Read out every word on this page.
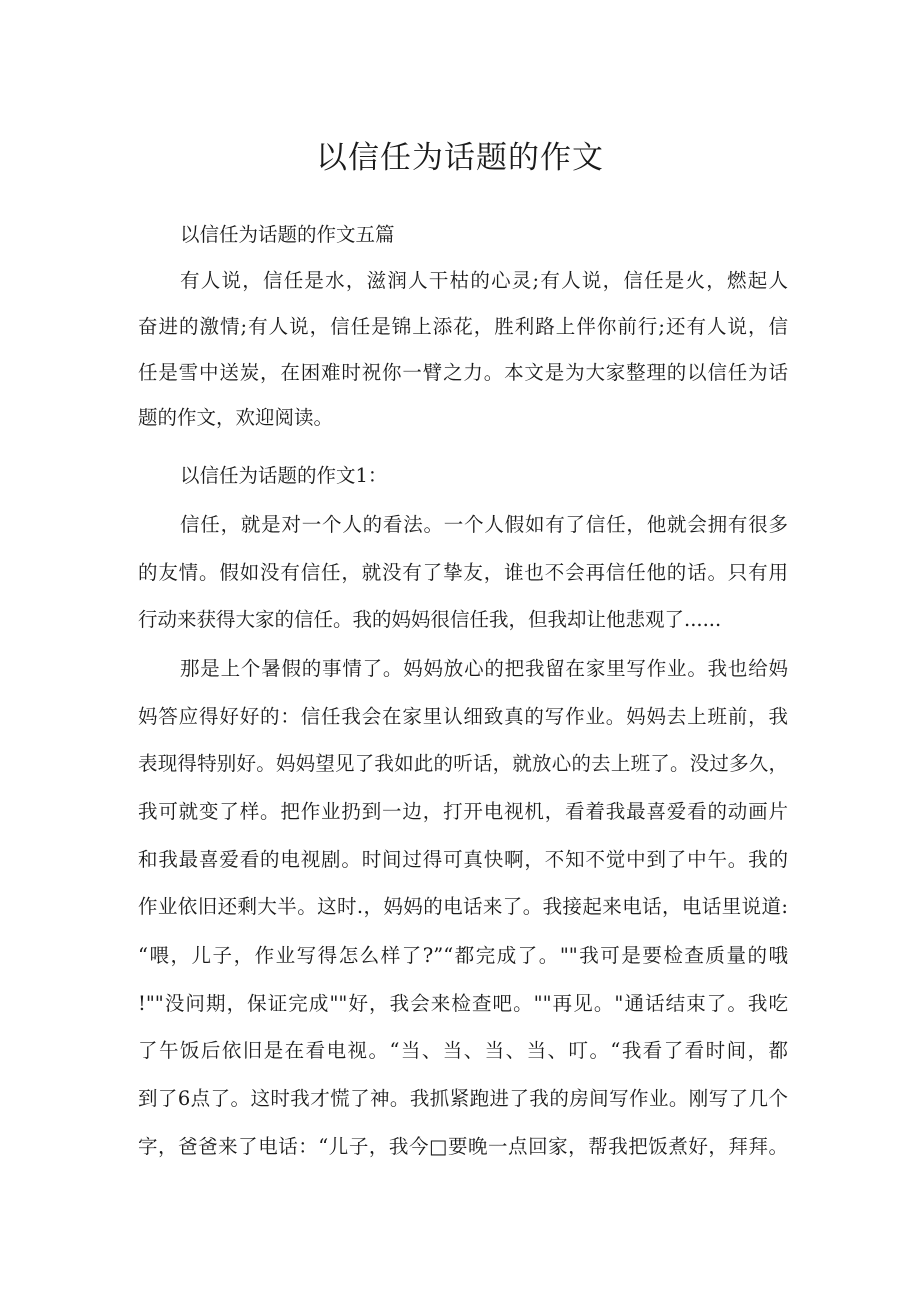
以信任为话题的作文

以信任为话题的作文五篇

有人说，信任是水，滋润人干枯的心灵;有人说，信任是火，燃起人

奋进的激情;有人说，信任是锦上添花，胜利路上伴你前行;还有人说，信

任是雪中送炭，在困难时祝你一臂之力。本文是为大家整理的以信任为话

题的作文，欢迎阅读。

以信任为话题的作文1：

信任，就是对一个人的看法。一个人假如有了信任，他就会拥有很多

的友情。假如没有信任，就没有了挚友，谁也不会再信任他的话。只有用

行动来获得大家的信任。我的妈妈很信任我，但我却让他悲观了......

那是上个暑假的事情了。妈妈放心的把我留在家里写作业。我也给妈

妈答应得好好的：信任我会在家里认细致真的写作业。妈妈去上班前，我

表现得特别好。妈妈望见了我如此的听话，就放心的去上班了。没过多久，

我可就变了样。把作业扔到一边，打开电视机，看着我最喜爱看的动画片

和我最喜爱看的电视剧。时间过得可真快啊，不知不觉中到了中午。我的

作业依旧还剩大半。这时.，妈妈的电话来了。我接起来电话，电话里说道:

“喂，儿子，作业写得怎么样了?”“都完成了。""我可是要检查质量的哦

!""没问期，保证完成""好，我会来检查吧。""再见。"通话结束了。我吃

了午饭后依旧是在看电视。“当、当、当、当、叮。“我看了看时间，都

到了6点了。这时我才慌了神。我抓紧跑进了我的房间写作业。刚写了几个

字，爸爸来了电话：“儿子，我今□要晚一点回家，帮我把饭煮好，拜拜。
